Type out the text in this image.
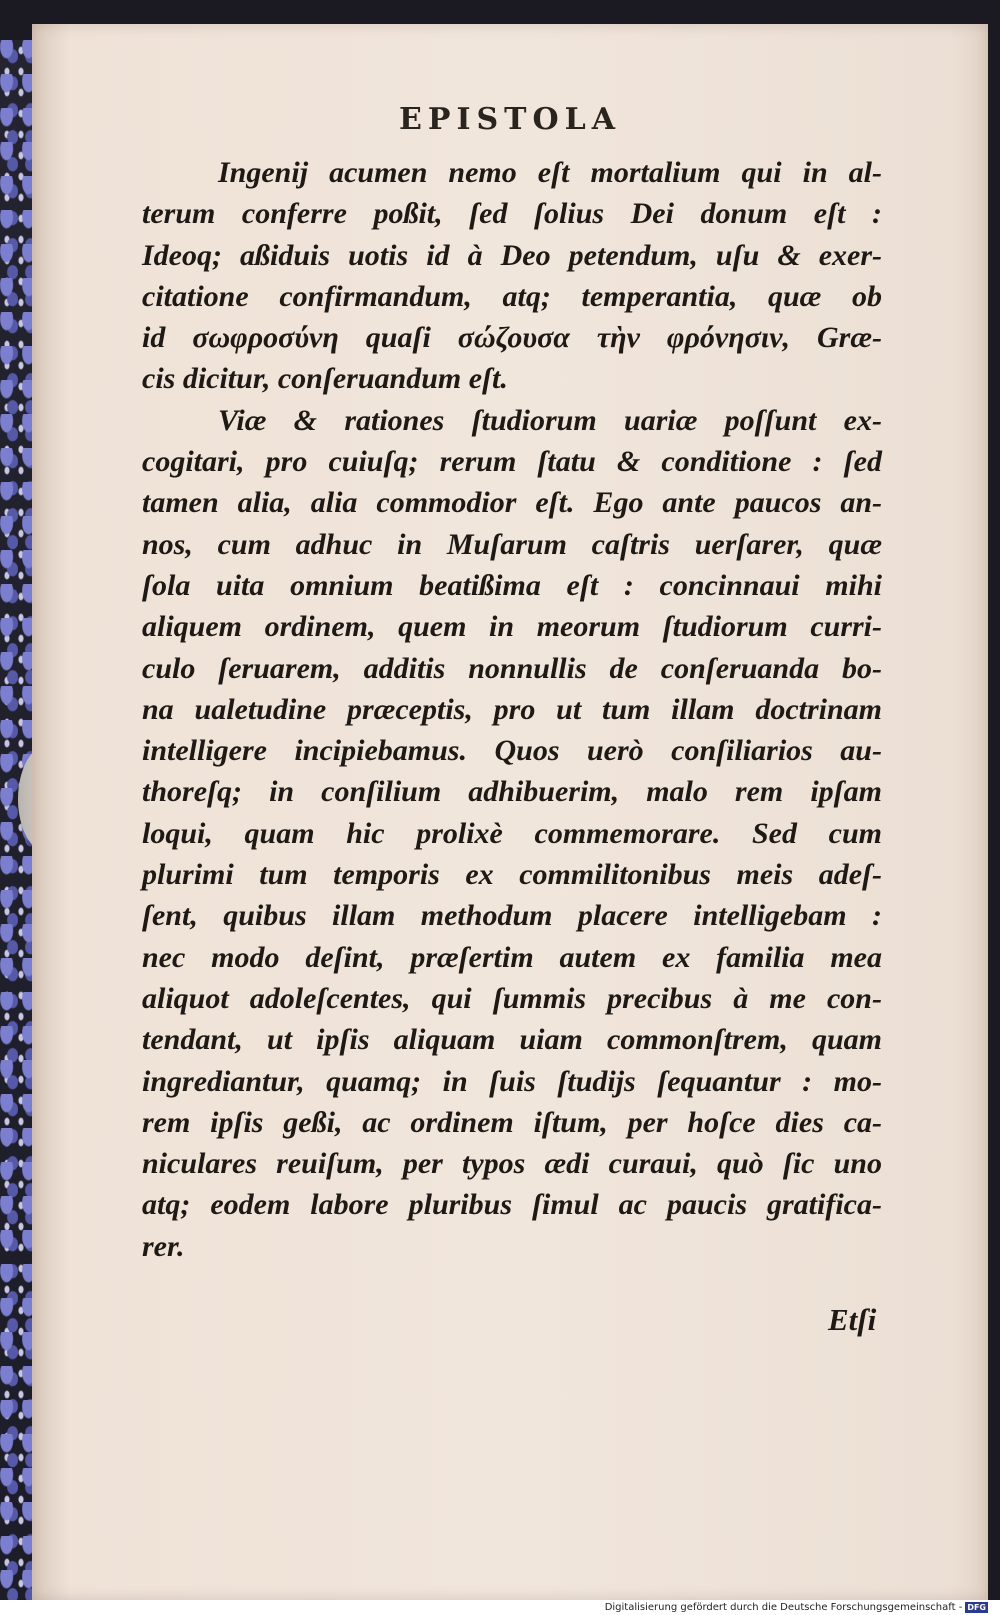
EPISTOLA
Ingenij acumen nemo eſt mortalium qui in al-
terum conferre poßit, ſed ſolius Dei donum eſt :
Ideoq; aßiduis uotis id à Deo petendum, uſu & exer-
citatione confirmandum, atq; temperantia, quæ ob
id σωφροσύνη quaſi σώζουσα τὴν φρόνησιν, Græ-
cis dicitur, conſeruandum eſt.
Viæ & rationes ſtudiorum uariæ poſſunt ex-
cogitari, pro cuiuſq; rerum ſtatu & conditione : ſed
tamen alia, alia commodior eſt. Ego ante paucos an-
nos, cum adhuc in Muſarum caſtris uerſarer, quæ
ſola uita omnium beatißima eſt : concinnaui mihi
aliquem ordinem, quem in meorum ſtudiorum curri-
culo ſeruarem, additis nonnullis de conſeruanda bo-
na ualetudine præceptis, pro ut tum illam doctrinam
intelligere incipiebamus. Quos uerò conſiliarios au-
thoreſq; in conſilium adhibuerim, malo rem ipſam
loqui, quam hic prolixè commemorare. Sed cum
plurimi tum temporis ex commilitonibus meis adeſ-
ſent, quibus illam methodum placere intelligebam :
nec modo deſint, præſertim autem ex familia mea
aliquot adoleſcentes, qui ſummis precibus à me con-
tendant, ut ipſis aliquam uiam commonſtrem, quam
ingrediantur, quamq; in ſuis ſtudijs ſequantur : mo-
rem ipſis geßi, ac ordinem iſtum, per hoſce dies ca-
niculares reuiſum, per typos ædi curaui, quò ſic uno
atq; eodem labore pluribus ſimul ac paucis gratifica-
rer.
Etſi
Digitalisierung gefördert durch die Deutsche Forschungsgemeinschaft - DFG
